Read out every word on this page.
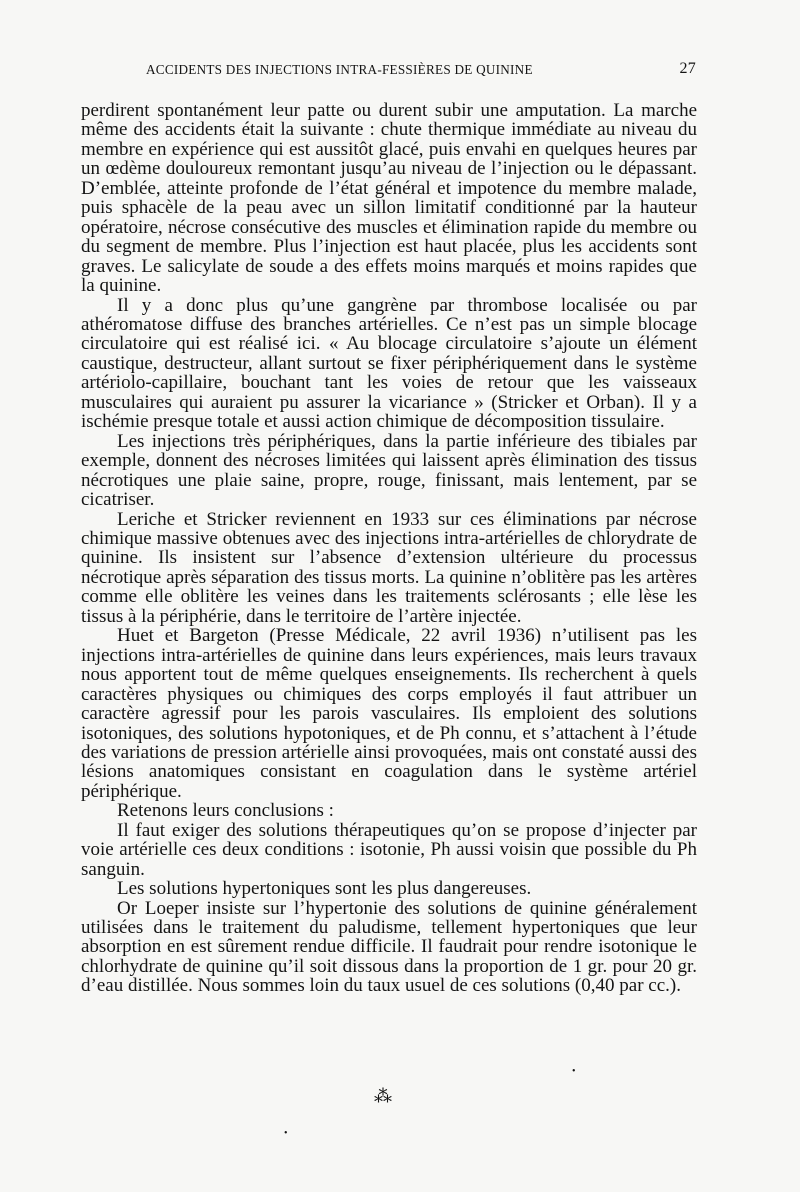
ACCIDENTS DES INJECTIONS INTRA-FESSIÈRES DE QUININE	27

perdirent spontanément leur patte ou durent subir une amputation. La marche même des accidents était la suivante : chute thermique immédiate au niveau du membre en expérience qui est aussitôt glacé, puis envahi en quelques heures par un œdème douloureux remontant jusqu’au niveau de l’injection ou le dépassant. D’emblée, atteinte profonde de l’état général et impotence du membre malade, puis sphacèle de la peau avec un sillon limitatif conditionné par la hauteur opératoire, nécrose consécutive des muscles et élimination rapide du membre ou du segment de membre. Plus l’injection est haut placée, plus les accidents sont graves. Le salicylate de soude a des effets moins marqués et moins rapides que la quinine.

Il y a donc plus qu’une gangrène par thrombose localisée ou par athéromatose diffuse des branches artérielles. Ce n’est pas un simple blocage circulatoire qui est réalisé ici. « Au blocage circulatoire s’ajoute un élément caustique, destructeur, allant surtout se fixer périphériquement dans le système artériolo-capillaire, bouchant tant les voies de retour que les vaisseaux musculaires qui auraient pu assurer la vicariance » (Stricker et Orban). Il y a ischémie presque totale et aussi action chimique de décomposition tissulaire.

Les injections très périphériques, dans la partie inférieure des tibiales par exemple, donnent des nécroses limitées qui laissent après élimination des tissus nécrotiques une plaie saine, propre, rouge, finissant, mais lentement, par se cicatriser.

Leriche et Stricker reviennent en 1933 sur ces éliminations par nécrose chimique massive obtenues avec des injections intra-artérielles de chlorydrate de quinine. Ils insistent sur l’absence d’extension ultérieure du processus nécrotique après séparation des tissus morts. La quinine n’oblitère pas les artères comme elle oblitère les veines dans les traitements sclérosants ; elle lèse les tissus à la périphérie, dans le territoire de l’artère injectée.

Huet et Bargeton (Presse Médicale, 22 avril 1936) n’utilisent pas les injections intra-artérielles de quinine dans leurs expériences, mais leurs travaux nous apportent tout de même quelques enseignements. Ils recherchent à quels caractères physiques ou chimiques des corps employés il faut attribuer un caractère agressif pour les parois vasculaires. Ils emploient des solutions isotoniques, des solutions hypotoniques, et de Ph connu, et s’attachent à l’étude des variations de pression artérielle ainsi provoquées, mais ont constaté aussi des lésions anatomiques consistant en coagulation dans le système artériel périphérique.

Retenons leurs conclusions :

Il faut exiger des solutions thérapeutiques qu’on se propose d’injecter par voie artérielle ces deux conditions : isotonie, Ph aussi voisin que possible du Ph sanguin.

Les solutions hypertoniques sont les plus dangereuses.

Or Loeper insiste sur l’hypertonie des solutions de quinine généralement utilisées dans le traitement du paludisme, tellement hypertoniques que leur absorption en est sûrement rendue difficile. Il faudrait pour rendre isotonique le chlorhydrate de quinine qu’il soit dissous dans la proportion de 1 gr. pour 20 gr. d’eau distillée. Nous sommes loin du taux usuel de ces solutions (0,40 par cc.).

⁂
•
•
